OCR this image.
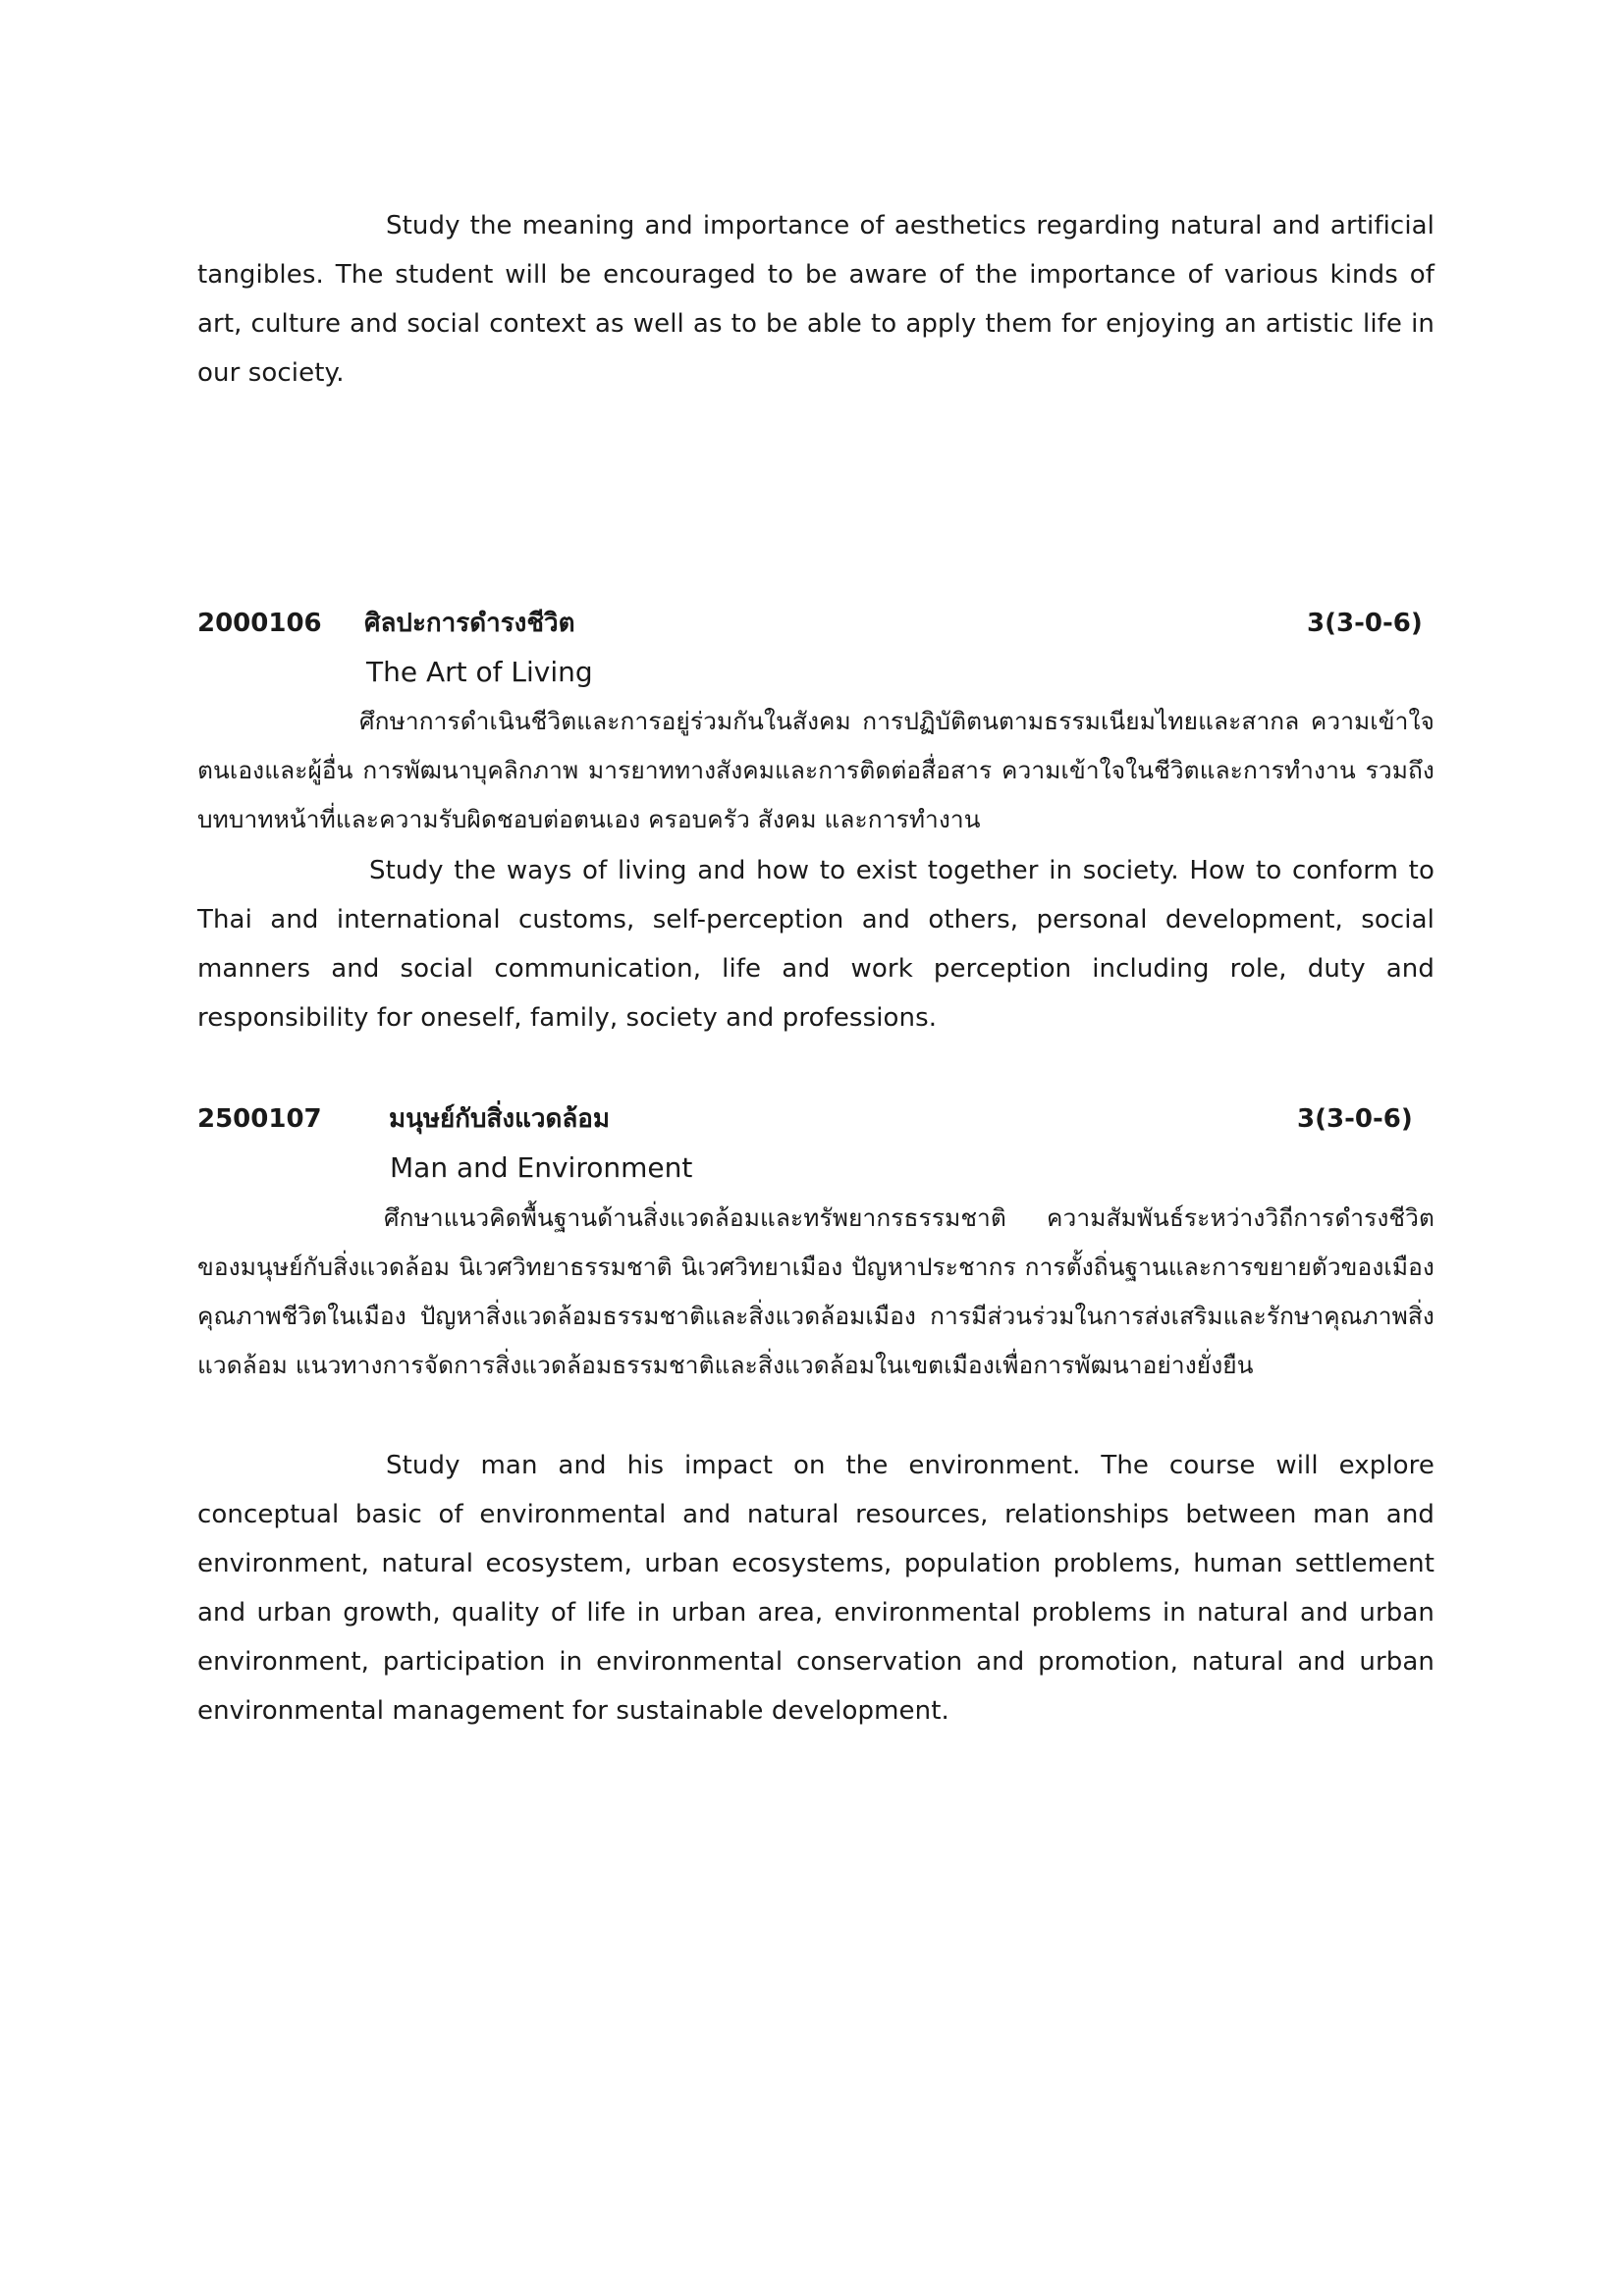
Study the meaning and importance of aesthetics regarding natural and artificial tangibles. The student will be encouraged to be aware of the importance of various kinds of art, culture and social context as well as to be able to apply them for enjoying an artistic life in our society.

2000106 ศิลปะการดำรงชีวิต	3(3-0-6)
The Art of Living

ศึกษาการดำเนินชีวิตและการอยู่ร่วมกันในสังคม การปฏิบัติตนตามธรรมเนียมไทยและสากล ความเข้าใจตนเองและผู้อื่น การพัฒนาบุคลิกภาพ มารยาททางสังคมและการติดต่อสื่อสาร ความเข้าใจในชีวิตและการทำงาน รวมถึงบทบาทหน้าที่และความรับผิดชอบต่อตนเอง ครอบครัว สังคม และการทำงาน

Study the ways of living and how to exist together in society. How to conform to Thai and international customs, self-perception and others, personal development, social manners and social communication, life and work perception including role, duty and responsibility for oneself, family, society and professions.

2500107	มนุษย์กับสิ่งแวดล้อม	3(3-0-6)
Man and Environment

ศึกษาแนวคิดพื้นฐานด้านสิ่งแวดล้อมและทรัพยากรธรรมชาติ ความสัมพันธ์ระหว่างวิถีการดำรงชีวิตของมนุษย์กับสิ่งแวดล้อม นิเวศวิทยาธรรมชาติ นิเวศวิทยาเมือง ปัญหาประชากร การตั้งถิ่นฐานและการขยายตัวของเมือง คุณภาพชีวิตในเมือง ปัญหาสิ่งแวดล้อมธรรมชาติและสิ่งแวดล้อมเมือง การมีส่วนร่วมในการส่งเสริมและรักษาคุณภาพสิ่งแวดล้อม แนวทางการจัดการสิ่งแวดล้อมธรรมชาติและสิ่งแวดล้อมในเขตเมืองเพื่อการพัฒนาอย่างยั่งยืน

Study man and his impact on the environment. The course will explore conceptual basic of environmental and natural resources, relationships between man and environment, natural ecosystem, urban ecosystems, population problems, human settlement and urban growth, quality of life in urban area, environmental problems in natural and urban environment, participation in environmental conservation and promotion, natural and urban environmental management for sustainable development.
